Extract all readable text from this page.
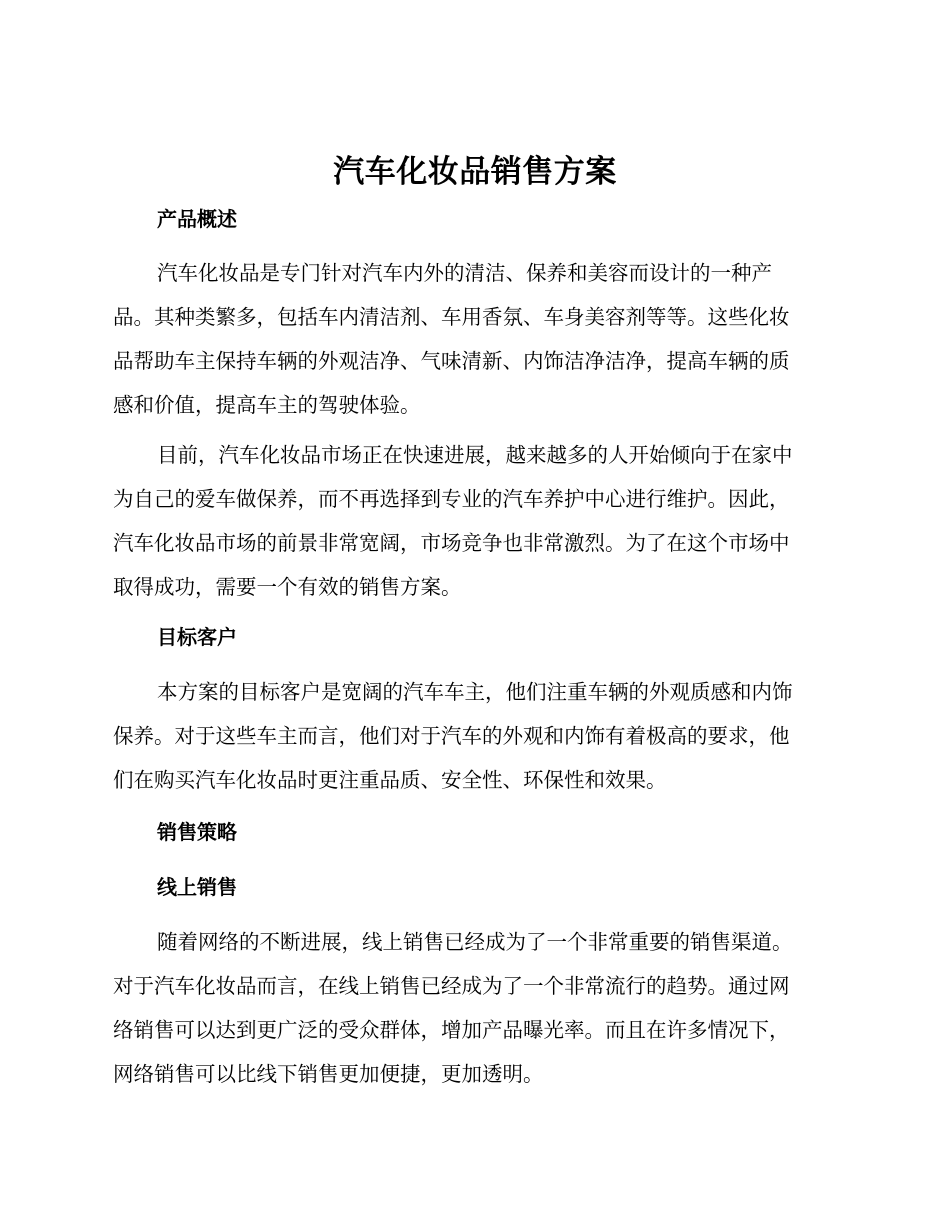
汽车化妆品销售方案
产品概述
汽车化妆品是专门针对汽车内外的清洁、保养和美容而设计的一种产
品。其种类繁多，包括车内清洁剂、车用香氛、车身美容剂等等。这些化妆
品帮助车主保持车辆的外观洁净、气味清新、内饰洁净洁净，提高车辆的质
感和价值，提高车主的驾驶体验。
目前，汽车化妆品市场正在快速进展，越来越多的人开始倾向于在家中
为自己的爱车做保养，而不再选择到专业的汽车养护中心进行维护。因此，
汽车化妆品市场的前景非常宽阔，市场竞争也非常激烈。为了在这个市场中
取得成功，需要一个有效的销售方案。
目标客户
本方案的目标客户是宽阔的汽车车主，他们注重车辆的外观质感和内饰
保养。对于这些车主而言，他们对于汽车的外观和内饰有着极高的要求，他
们在购买汽车化妆品时更注重品质、安全性、环保性和效果。
销售策略
线上销售
随着网络的不断进展，线上销售已经成为了一个非常重要的销售渠道。
对于汽车化妆品而言，在线上销售已经成为了一个非常流行的趋势。通过网
络销售可以达到更广泛的受众群体，增加产品曝光率。而且在许多情况下，
网络销售可以比线下销售更加便捷，更加透明。
